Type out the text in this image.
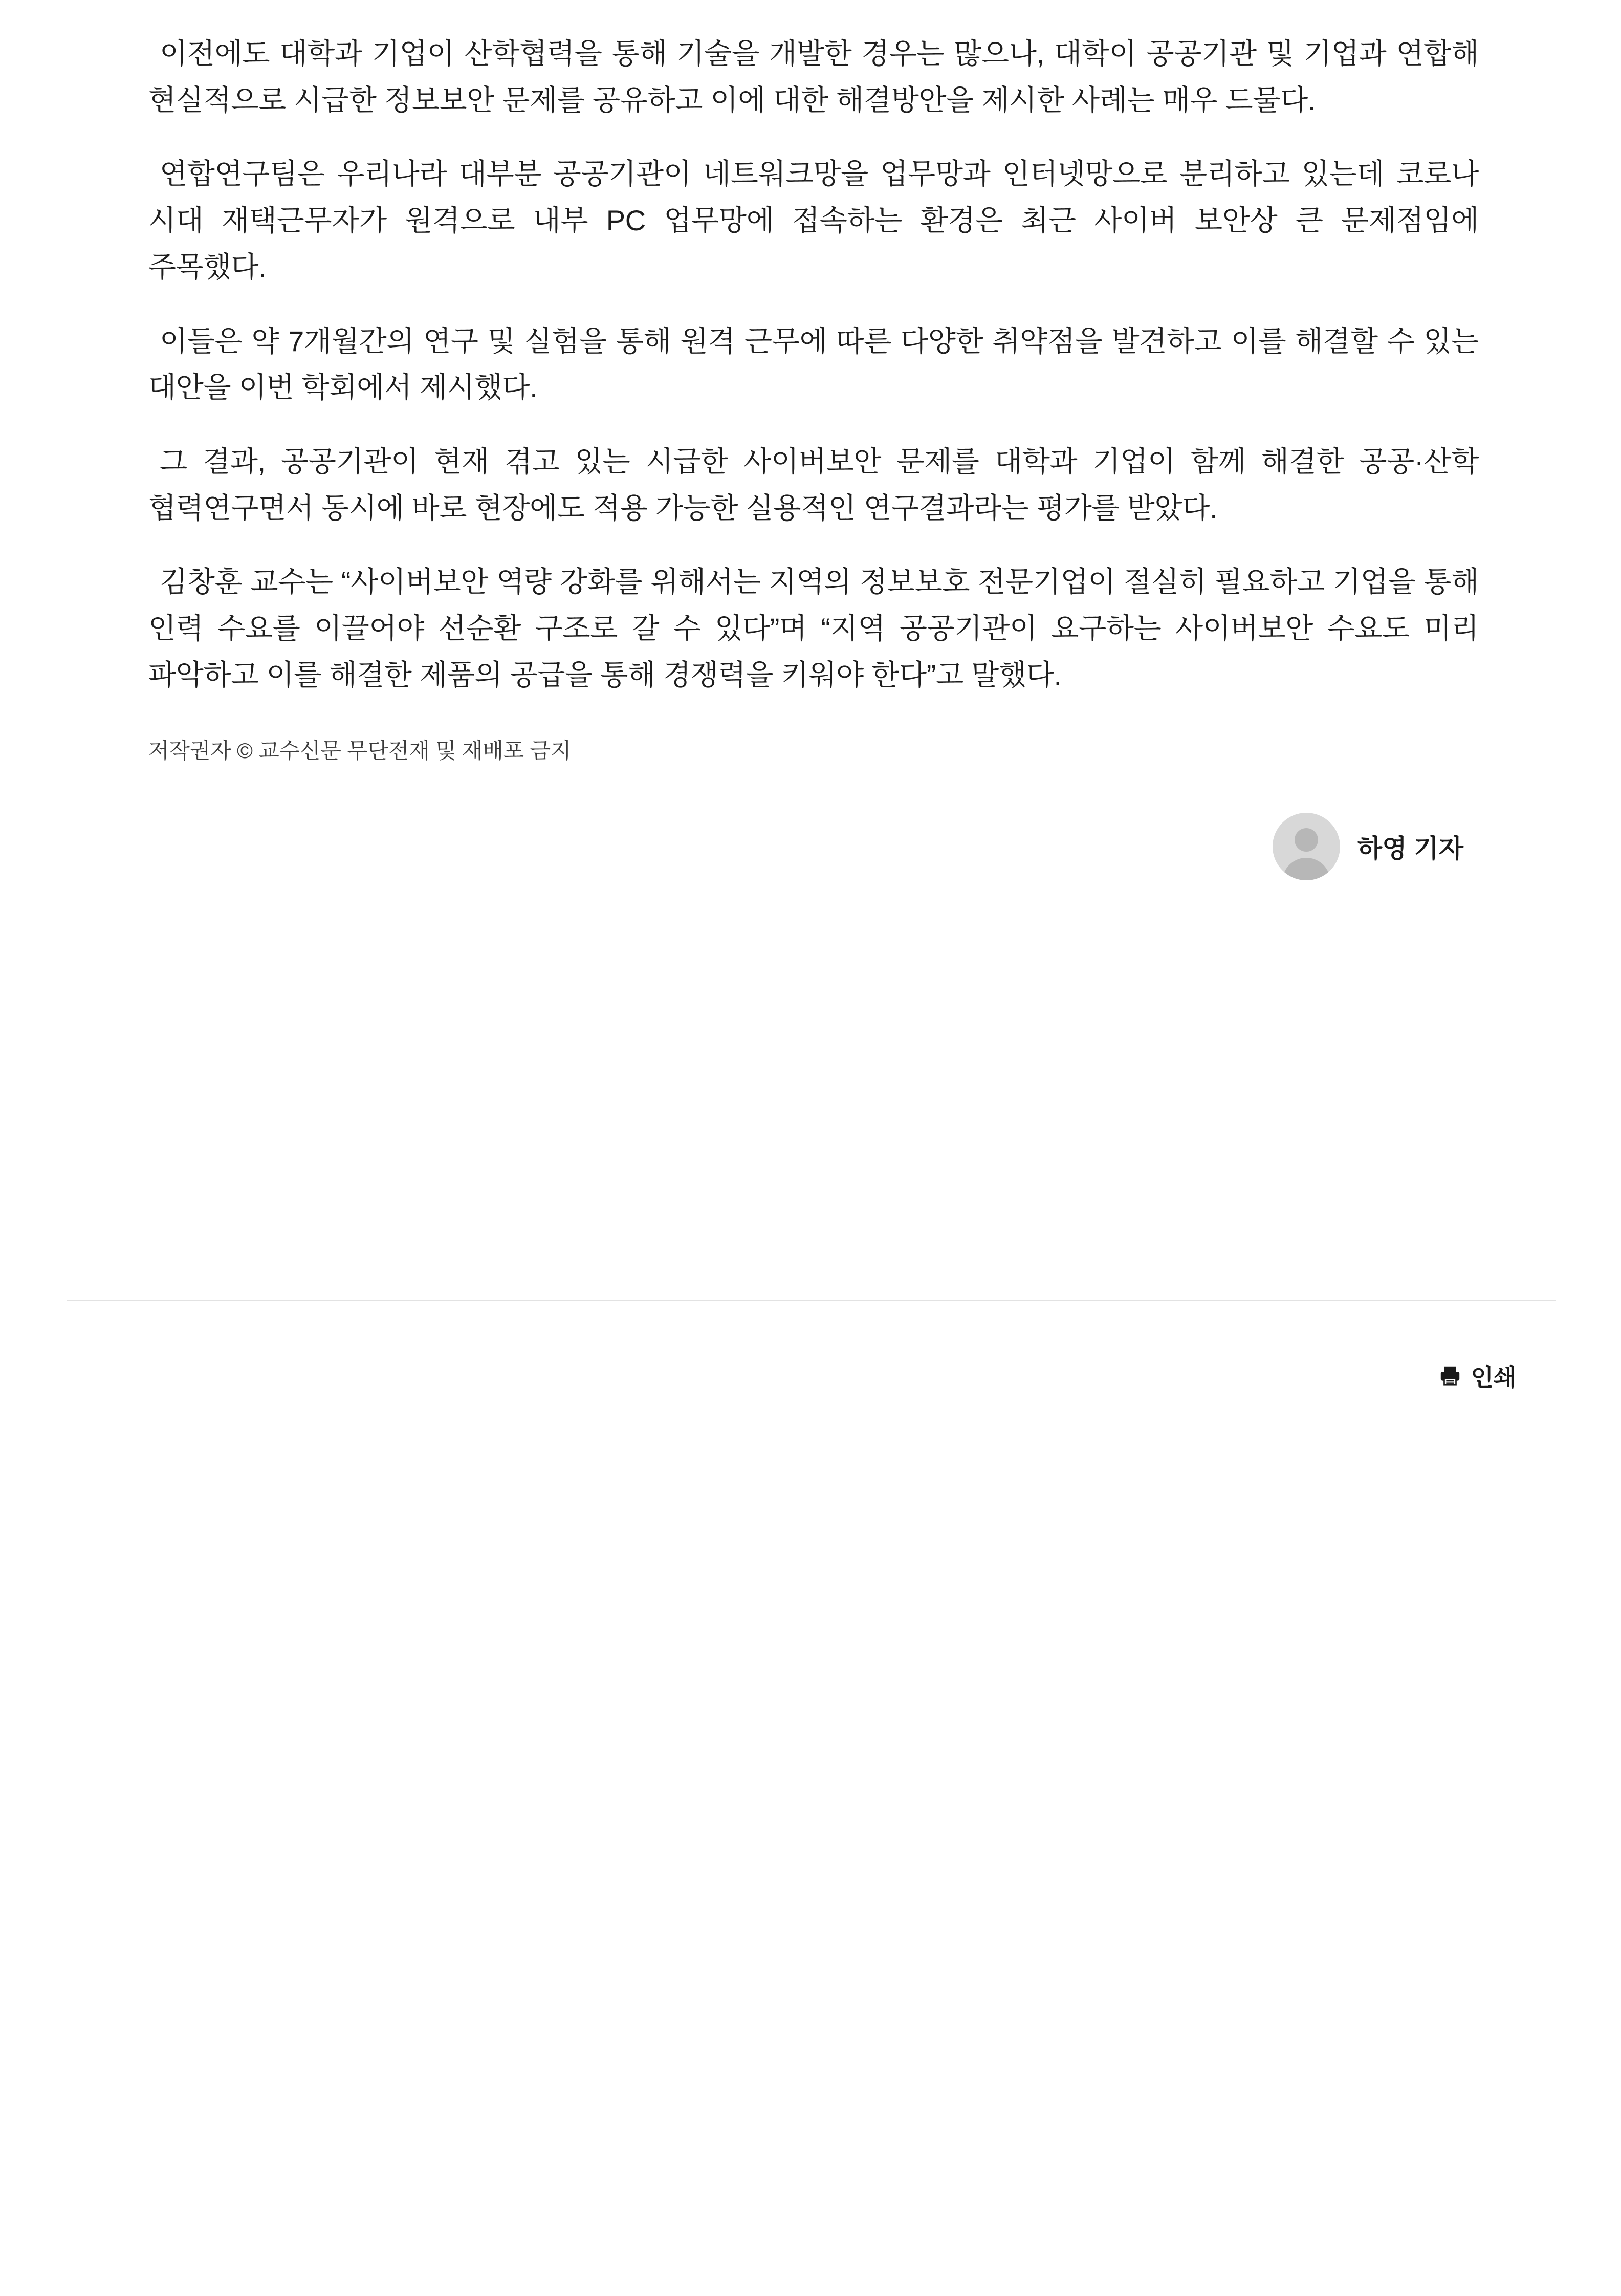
이전에도 대학과 기업이 산학협력을 통해 기술을 개발한 경우는 많으나, 대학이 공공기관 및 기업과 연합해 현실적으로 시급한 정보보안 문제를 공유하고 이에 대한 해결방안을 제시한 사례는 매우 드물다.

연합연구팀은 우리나라 대부분 공공기관이 네트워크망을 업무망과 인터넷망으로 분리하고 있는데 코로나 시대 재택근무자가 원격으로 내부 PC 업무망에 접속하는 환경은 최근 사이버 보안상 큰 문제점임에 주목했다.

이들은 약 7개월간의 연구 및 실험을 통해 원격 근무에 따른 다양한 취약점을 발견하고 이를 해결할 수 있는 대안을 이번 학회에서 제시했다.

그 결과, 공공기관이 현재 겪고 있는 시급한 사이버보안 문제를 대학과 기업이 함께 해결한 공공·산학 협력연구면서 동시에 바로 현장에도 적용 가능한 실용적인 연구결과라는 평가를 받았다.

김창훈 교수는 “사이버보안 역량 강화를 위해서는 지역의 정보보호 전문기업이 절실히 필요하고 기업을 통해 인력 수요를 이끌어야 선순환 구조로 갈 수 있다”며 “지역 공공기관이 요구하는 사이버보안 수요도 미리 파악하고 이를 해결한 제품의 공급을 통해 경쟁력을 키워야 한다”고 말했다.

저작권자 © 교수신문 무단전재 및 재배포 금지
하영 기자
인쇄
